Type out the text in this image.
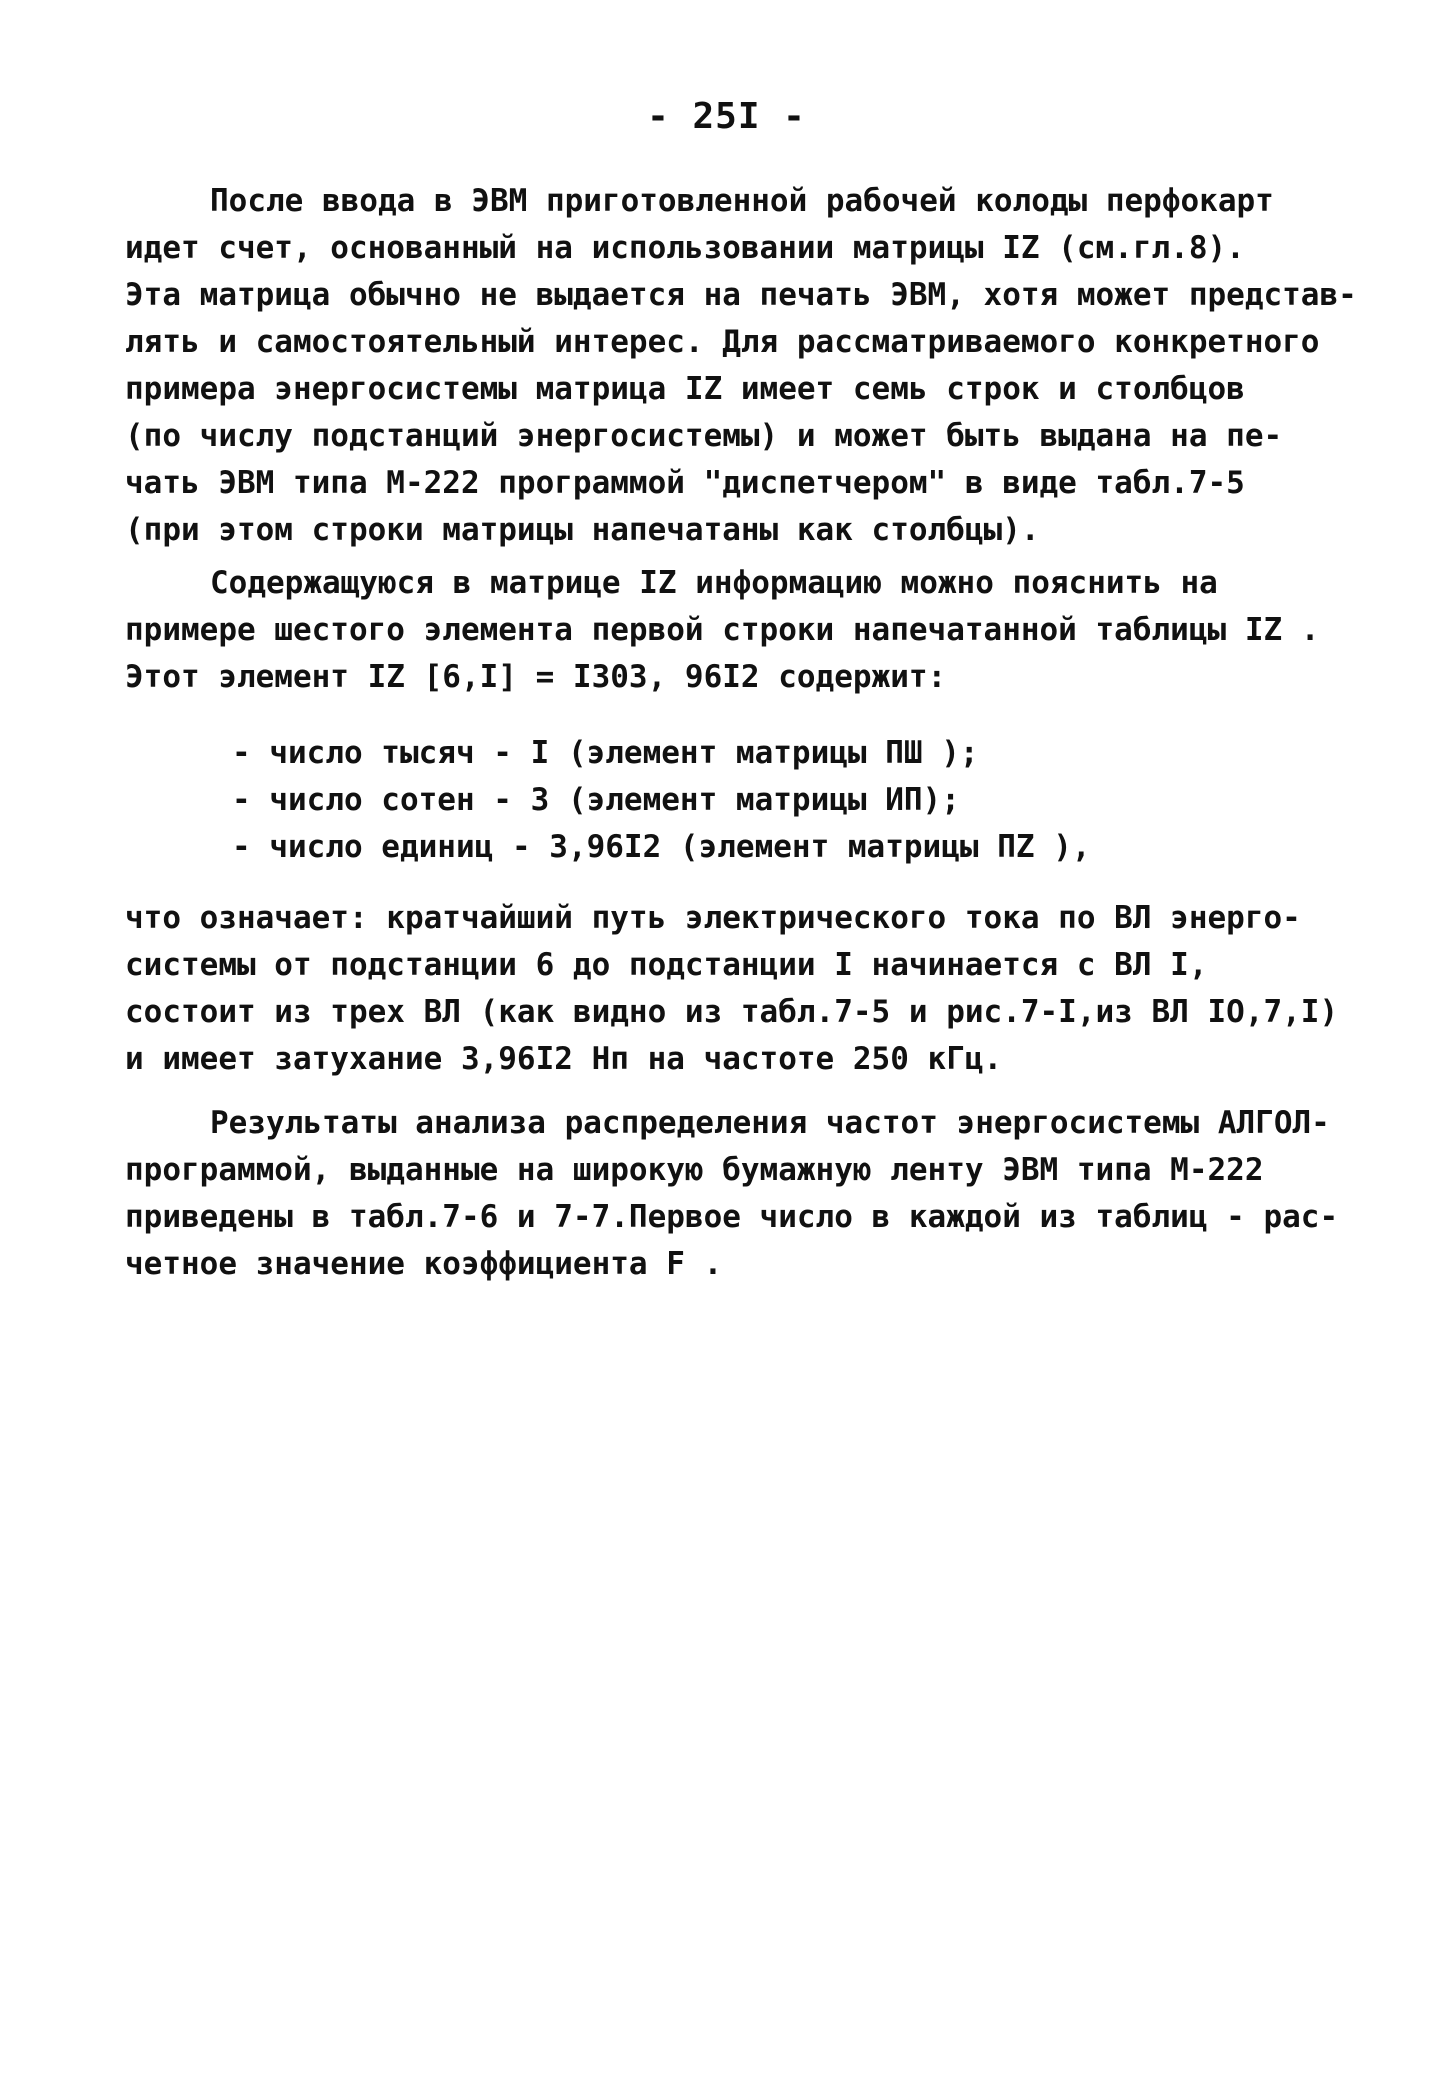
- 25I -
После ввода в ЭВМ приготовленной рабочей колоды перфокарт
идет счет, основанный на использовании матрицы IZ (см.гл.8).
Эта матрица обычно не выдается на печать ЭВМ, хотя может представ-
лять и самостоятельный интерес. Для рассматриваемого конкретного
примера энергосистемы матрица IZ имеет семь строк и столбцов
(по числу подстанций энергосистемы) и может быть выдана на пе-
чать ЭВМ типа М-222 программой "диспетчером" в виде табл.7-5
(при этом строки матрицы напечатаны как столбцы).
Содержащуюся в матрице IZ информацию можно пояснить на
примере шестого элемента первой строки напечатанной таблицы IZ .
Этот элемент IZ [6,I] = I303, 96I2 содержит:
- число тысяч - I (элемент матрицы ПШ );
- число сотен - 3 (элемент матрицы ИП);
- число единиц - 3,96I2 (элемент матрицы ПZ ),
что означает: кратчайший путь электрического тока по ВЛ энерго-
системы от подстанции 6 до подстанции I начинается с ВЛ I,
состоит из трех ВЛ (как видно из табл.7-5 и рис.7-I,из ВЛ IО,7,I)
и имеет затухание 3,96I2 Нп на частоте 250 кГц.
Результаты анализа распределения частот энергосистемы АЛГОЛ-
программой, выданные на широкую бумажную ленту ЭВМ типа М-222
приведены в табл.7-6 и 7-7.Первое число в каждой из таблиц - рас-
четное значение коэффициента F .
